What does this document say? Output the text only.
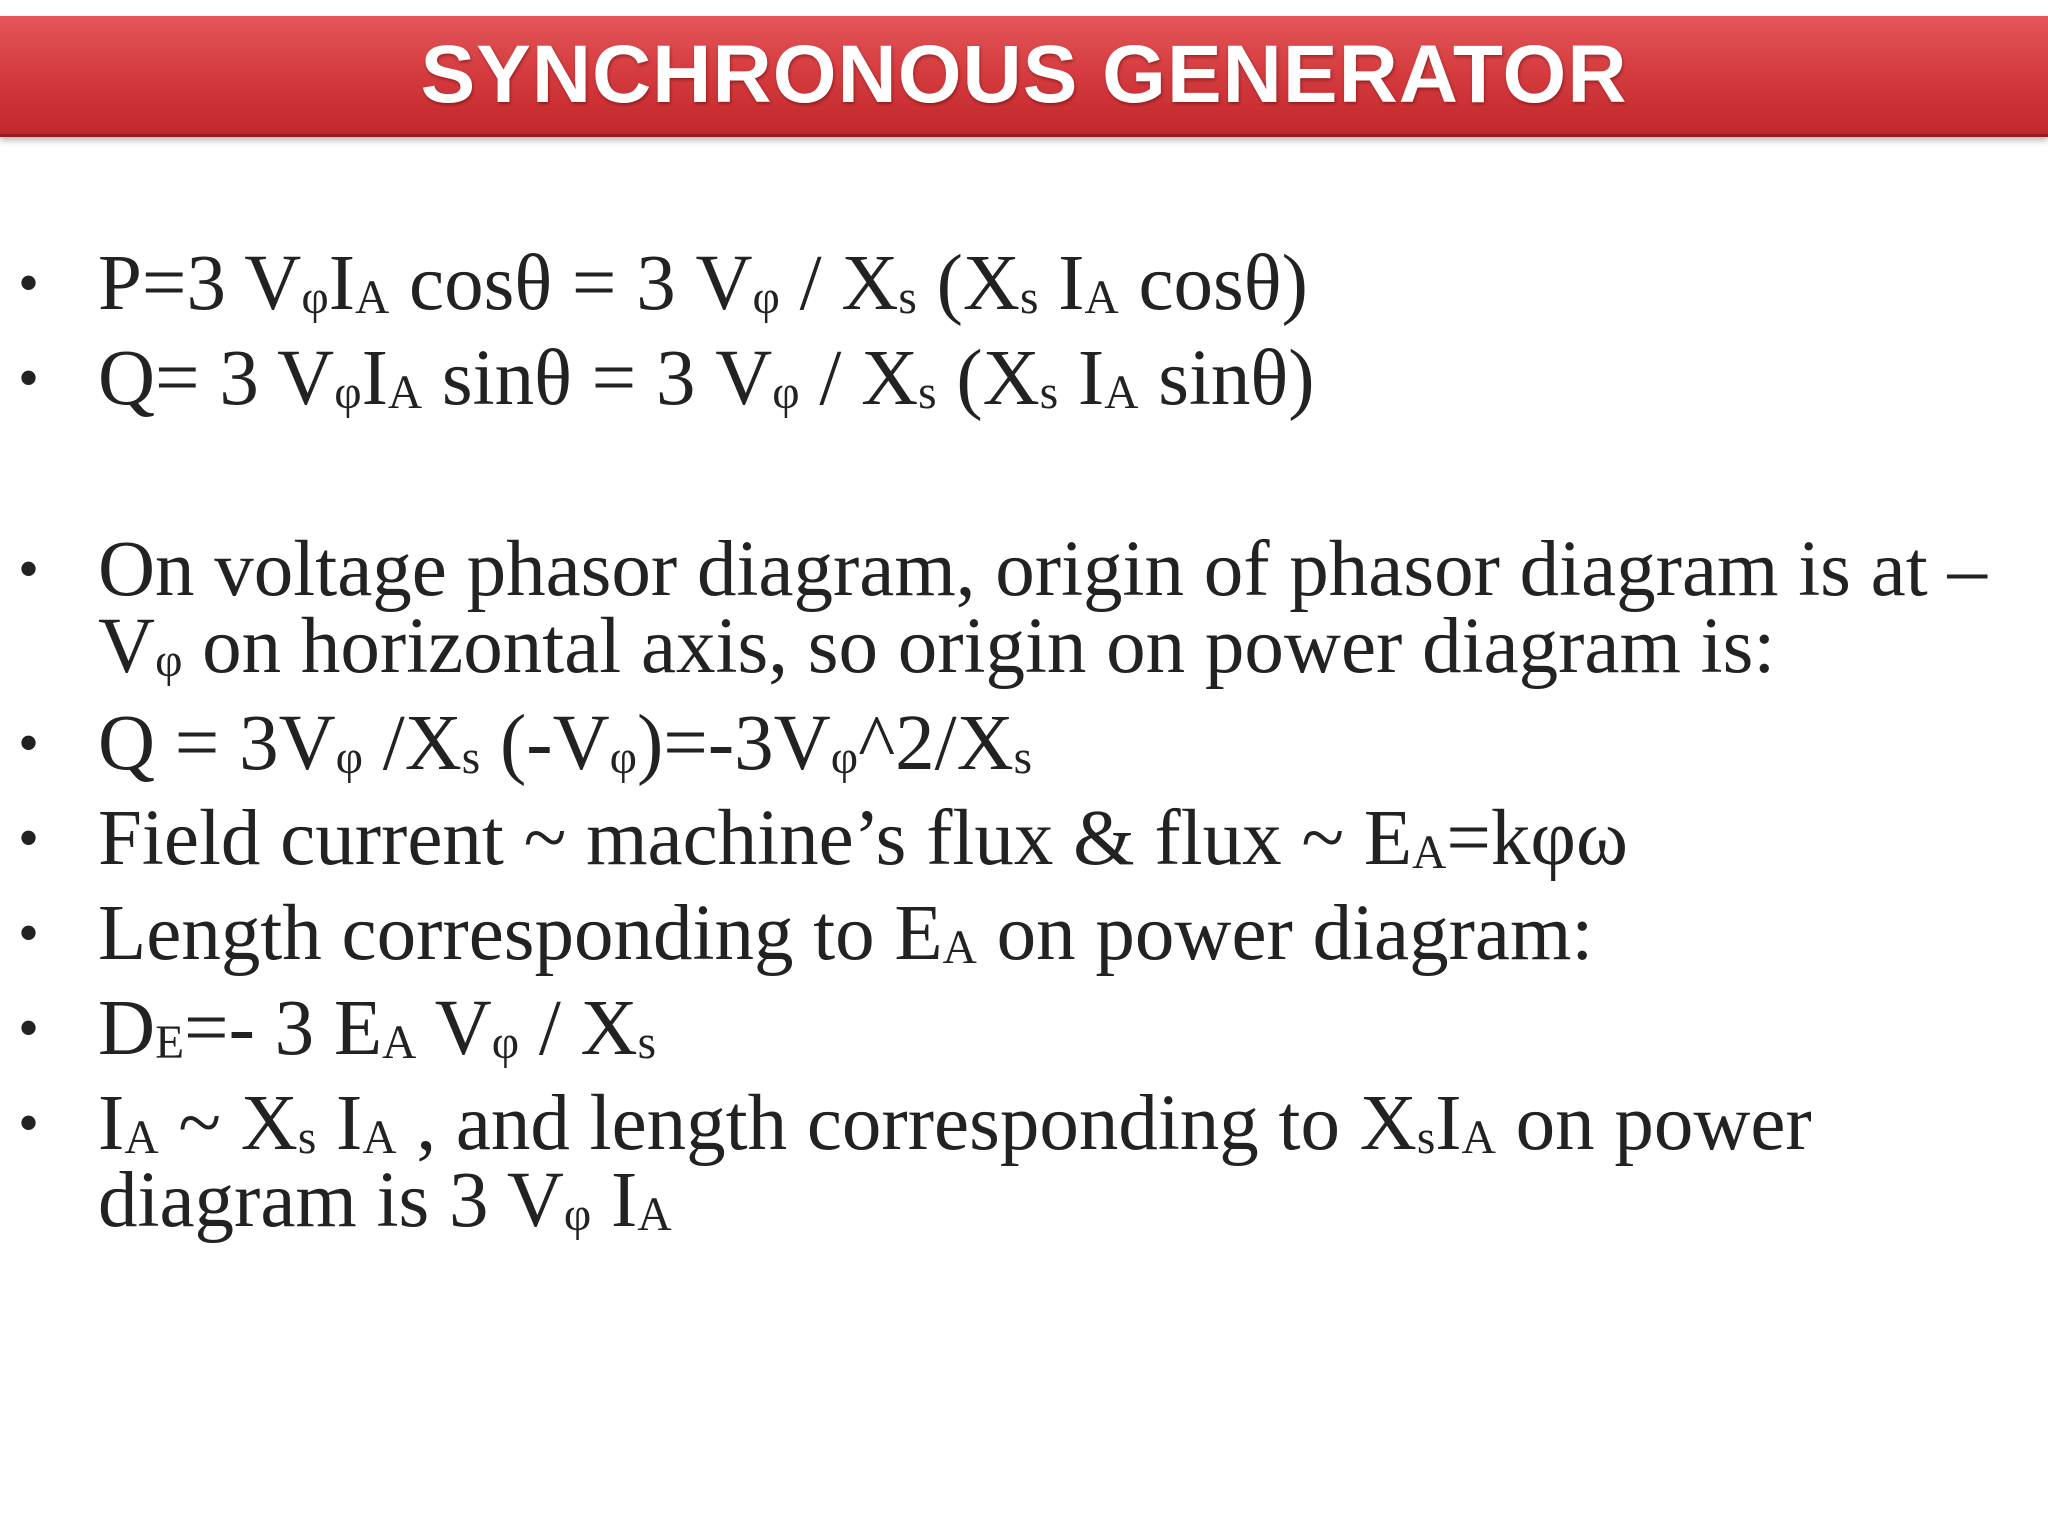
SYNCHRONOUS GENERATOR
• P=3 VφIA cosθ = 3 Vφ / Xs (Xs IA cosθ)
• Q= 3 VφIA sinθ = 3 Vφ / Xs (Xs IA sinθ)
• On voltage phasor diagram, origin of phasor diagram is at –
Vφ on horizontal axis, so origin on power diagram is:
• Q = 3Vφ /Xs (-Vφ)=-3Vφ^2/Xs
• Field current ~ machine’s flux & flux ~ EA=kφω
• Length corresponding to EA on power diagram:
• DE=- 3 EA Vφ / Xs
• IA ~ Xs IA , and length corresponding to XsIA on power
diagram is 3 Vφ IA
